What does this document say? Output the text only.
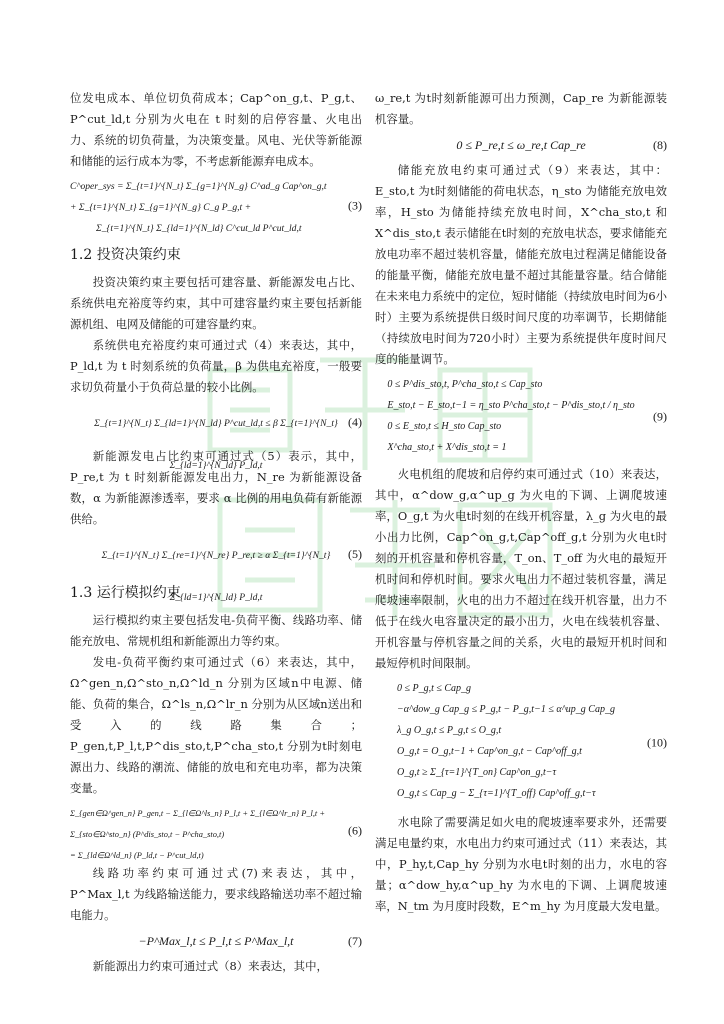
位发电成本、单位切负荷成本；Cap^on_g,t、P_g,t、P^cut_ld,t 分别为火电在 t 时刻的启停容量、火电出力、系统的切负荷量，为决策变量。风电、光伏等新能源和储能的运行成本为零，不考虑新能源弃电成本。

C^oper_sys = Σ_{t=1}^{N_t} Σ_{g=1}^{N_g} C^ad_g Cap^on_g,t + Σ_{t=1}^{N_t} Σ_{g=1}^{N_g} C_g P_g,t +
Σ_{t=1}^{N_t} Σ_{ld=1}^{N_ld} C^cut_ld P^cut_ld,t
(3)
1.2 投资决策约束

投资决策约束主要包括可建容量、新能源发电占比、系统供电充裕度等约束，其中可建容量约束主要包括新能源机组、电网及储能的可建容量约束。

系统供电充裕度约束可通过式（4）来表达，其中，P_ld,t 为 t 时刻系统的负荷量，β 为供电充裕度，一般要求切负荷量小于负荷总量的较小比例。

Σ_{t=1}^{N_t} Σ_{ld=1}^{N_ld} P^cut_ld,t ≤ β Σ_{t=1}^{N_t} Σ_{ld=1}^{N_ld} P_ld,t
(4)

新能源发电占比约束可通过式（5）表示，其中，P_re,t 为 t 时刻新能源发电出力，N_re 为新能源设备数，α 为新能源渗透率，要求 α 比例的用电负荷有新能源供给。

Σ_{t=1}^{N_t} Σ_{re=1}^{N_re} P_re,t ≥ α Σ_{t=1}^{N_t} Σ_{ld=1}^{N_ld} P_ld,t
(5)
1.3 运行模拟约束

运行模拟约束主要包括发电-负荷平衡、线路功率、储能充放电、常规机组和新能源出力等约束。

发电-负荷平衡约束可通过式（6）来表达，其中，Ω^gen_n,Ω^sto_n,Ω^ld_n 分别为区域n中电源、储能、负荷的集合，Ω^ls_n,Ω^lr_n 分别为从区域n送出和受入的线路集合；P_gen,t,P_l,t,P^dis_sto,t,P^cha_sto,t 分别为t时刻电源出力、线路的潮流、储能的放电和充电功率，都为决策变量。

Σ_{gen∈Ω^gen_n} P_gen,t − Σ_{l∈Ω^ls_n} P_l,t + Σ_{l∈Ω^lr_n} P_l,t + Σ_{sto∈Ω^sto_n} (P^dis_sto,t − P^cha_sto,t)
= Σ_{ld∈Ω^ld_n} (P_ld,t − P^cut_ld,t)
(6)

线路功率约束可通过式(7)来表达，其中，P^Max_l,t 为线路输送能力，要求线路输送功率不超过输电能力。

−P^Max_l,t ≤ P_l,t ≤ P^Max_l,t	(7)

新能源出力约束可通过式（8）来表达，其中，

ω_re,t 为t时刻新能源可出力预测，Cap_re 为新能源装机容量。

0 ≤ P_re,t ≤ ω_re,t Cap_re	(8)

储能充放电约束可通过式（9）来表达，其中：E_sto,t 为t时刻储能的荷电状态，η_sto 为储能充放电效率，H_sto 为储能持续充放电时间，X^cha_sto,t 和 X^dis_sto,t 表示储能在t时刻的充放电状态，要求储能充放电功率不超过装机容量，储能充放电过程满足储能设备的能量平衡，储能充放电量不超过其能量容量。结合储能在未来电力系统中的定位，短时储能（持续放电时间为6小时）主要为系统提供日级时间尺度的功率调节，长期储能（持续放电时间为720小时）主要为系统提供年度时间尺度的能量调节。

0 ≤ P^dis_sto,t, P^cha_sto,t ≤ Cap_sto
E_sto,t − E_sto,t−1 = η_sto P^cha_sto,t − P^dis_sto,t / η_sto
0 ≤ E_sto,t ≤ H_sto Cap_sto
X^cha_sto,t + X^dis_sto,t = 1
(9)

火电机组的爬坡和启停约束可通过式（10）来表达，其中，α^dow_g,α^up_g 为火电的下调、上调爬坡速率，O_g,t 为火电t时刻的在线开机容量，λ_g 为火电的最小出力比例，Cap^on_g,t,Cap^off_g,t 分别为火电t时刻的开机容量和停机容量，T_on、T_off 为火电的最短开机时间和停机时间。要求火电出力不超过装机容量，满足爬坡速率限制，火电的出力不超过在线开机容量，出力不低于在线火电容量决定的最小出力，火电在线装机容量、开机容量与停机容量之间的关系，火电的最短开机时间和最短停机时间限制。

0 ≤ P_g,t ≤ Cap_g
−α^dow_g Cap_g ≤ P_g,t − P_g,t−1 ≤ α^up_g Cap_g
λ_g O_g,t ≤ P_g,t ≤ O_g,t
O_g,t = O_g,t−1 + Cap^on_g,t − Cap^off_g,t
O_g,t ≥ Σ_{τ=1}^{T_on} Cap^on_g,t−τ
O_g,t ≤ Cap_g − Σ_{τ=1}^{T_off} Cap^off_g,t−τ
(10)

水电除了需要满足如火电的爬坡速率要求外，还需要满足电量约束，水电出力约束可通过式（11）来表达，其中，P_hy,t,Cap_hy 分别为水电t时刻的出力，水电的容量；α^dow_hy,α^up_hy 为水电的下调、上调爬坡速率，N_tm 为月度时段数，E^m_hy 为月度最大发电量。
